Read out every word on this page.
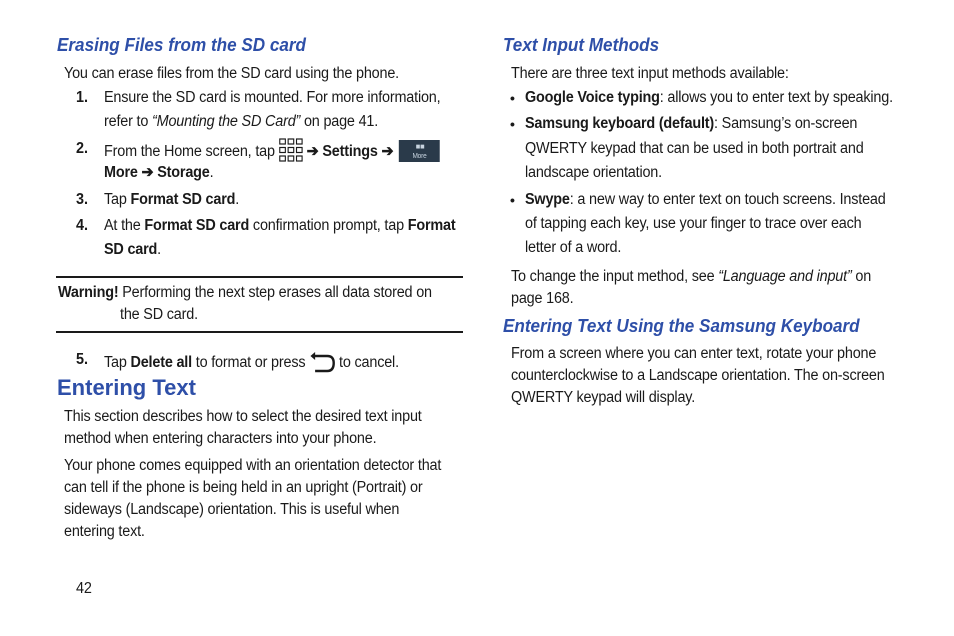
Erasing Files from the SD card
You can erase files from the SD card using the phone.
1. Ensure the SD card is mounted. For more information,
refer to “Mounting the SD Card” on page 41.
2. From the Home screen, tap  ➔ Settings ➔	■■
More
More ➔ Storage.
3. Tap Format SD card.
4. At the Format SD card confirmation prompt, tap Format
SD card.
Warning! Performing the next step erases all data stored on
the SD card.
5. Tap Delete all to format or press  to cancel.
Entering Text
This section describes how to select the desired text input
method when entering characters into your phone.
Your phone comes equipped with an orientation detector that
can tell if the phone is being held in an upright (Portrait) or
sideways (Landscape) orientation. This is useful when
entering text.
42
Text Input Methods
There are three text input methods available:
• Google Voice typing: allows you to enter text by speaking.
• Samsung keyboard (default): Samsung’s on-screen
QWERTY keypad that can be used in both portrait and
landscape orientation.
• Swype: a new way to enter text on touch screens. Instead
of tapping each key, use your finger to trace over each
letter of a word.
To change the input method, see “Language and input” on
page 168.
Entering Text Using the Samsung Keyboard
From a screen where you can enter text, rotate your phone
counterclockwise to a Landscape orientation. The on-screen
QWERTY keypad will display.
